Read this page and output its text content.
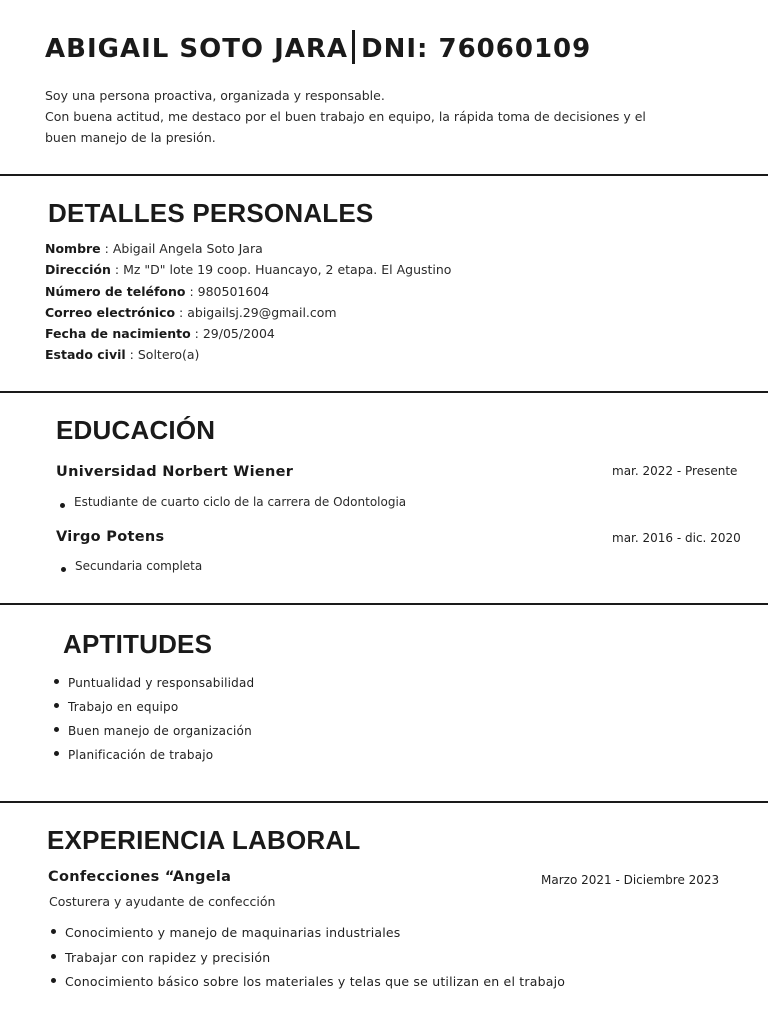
ABIGAIL SOTO JARA DNI: 76060109

Soy una persona proactiva, organizada y responsable.

Con buena actitud, me destaco por el buen trabajo en equipo, la rápida toma de decisiones y el

buen manejo de la presión.

DETALLES PERSONALES
Nombre : Abigail Angela Soto Jara
Dirección : Mz "D" lote 19 coop. Huancayo, 2 etapa. El Agustino
Número de teléfono : 980501604
Correo electrónico : abigailsj.29@gmail.com
Fecha de nacimiento : 29/05/2004
Estado civil : Soltero(a)
EDUCACIÓN
Universidad Norbert Wiener	mar. 2022 - Presente
Estudiante de cuarto ciclo de la carrera de Odontologia
Virgo Potens	mar. 2016 - dic. 2020
Secundaria completa
APTITUDES
Puntualidad y responsabilidad
Trabajo en equipo
Buen manejo de organización
Planificación de trabajo
EXPERIENCIA LABORAL
Confecciones “Angela	Marzo 2021 - Diciembre 2023
Costurera y ayudante de confección
Conocimiento y manejo de maquinarias industriales
Trabajar con rapidez y precisión
Conocimiento básico sobre los materiales y telas que se utilizan en el trabajo
